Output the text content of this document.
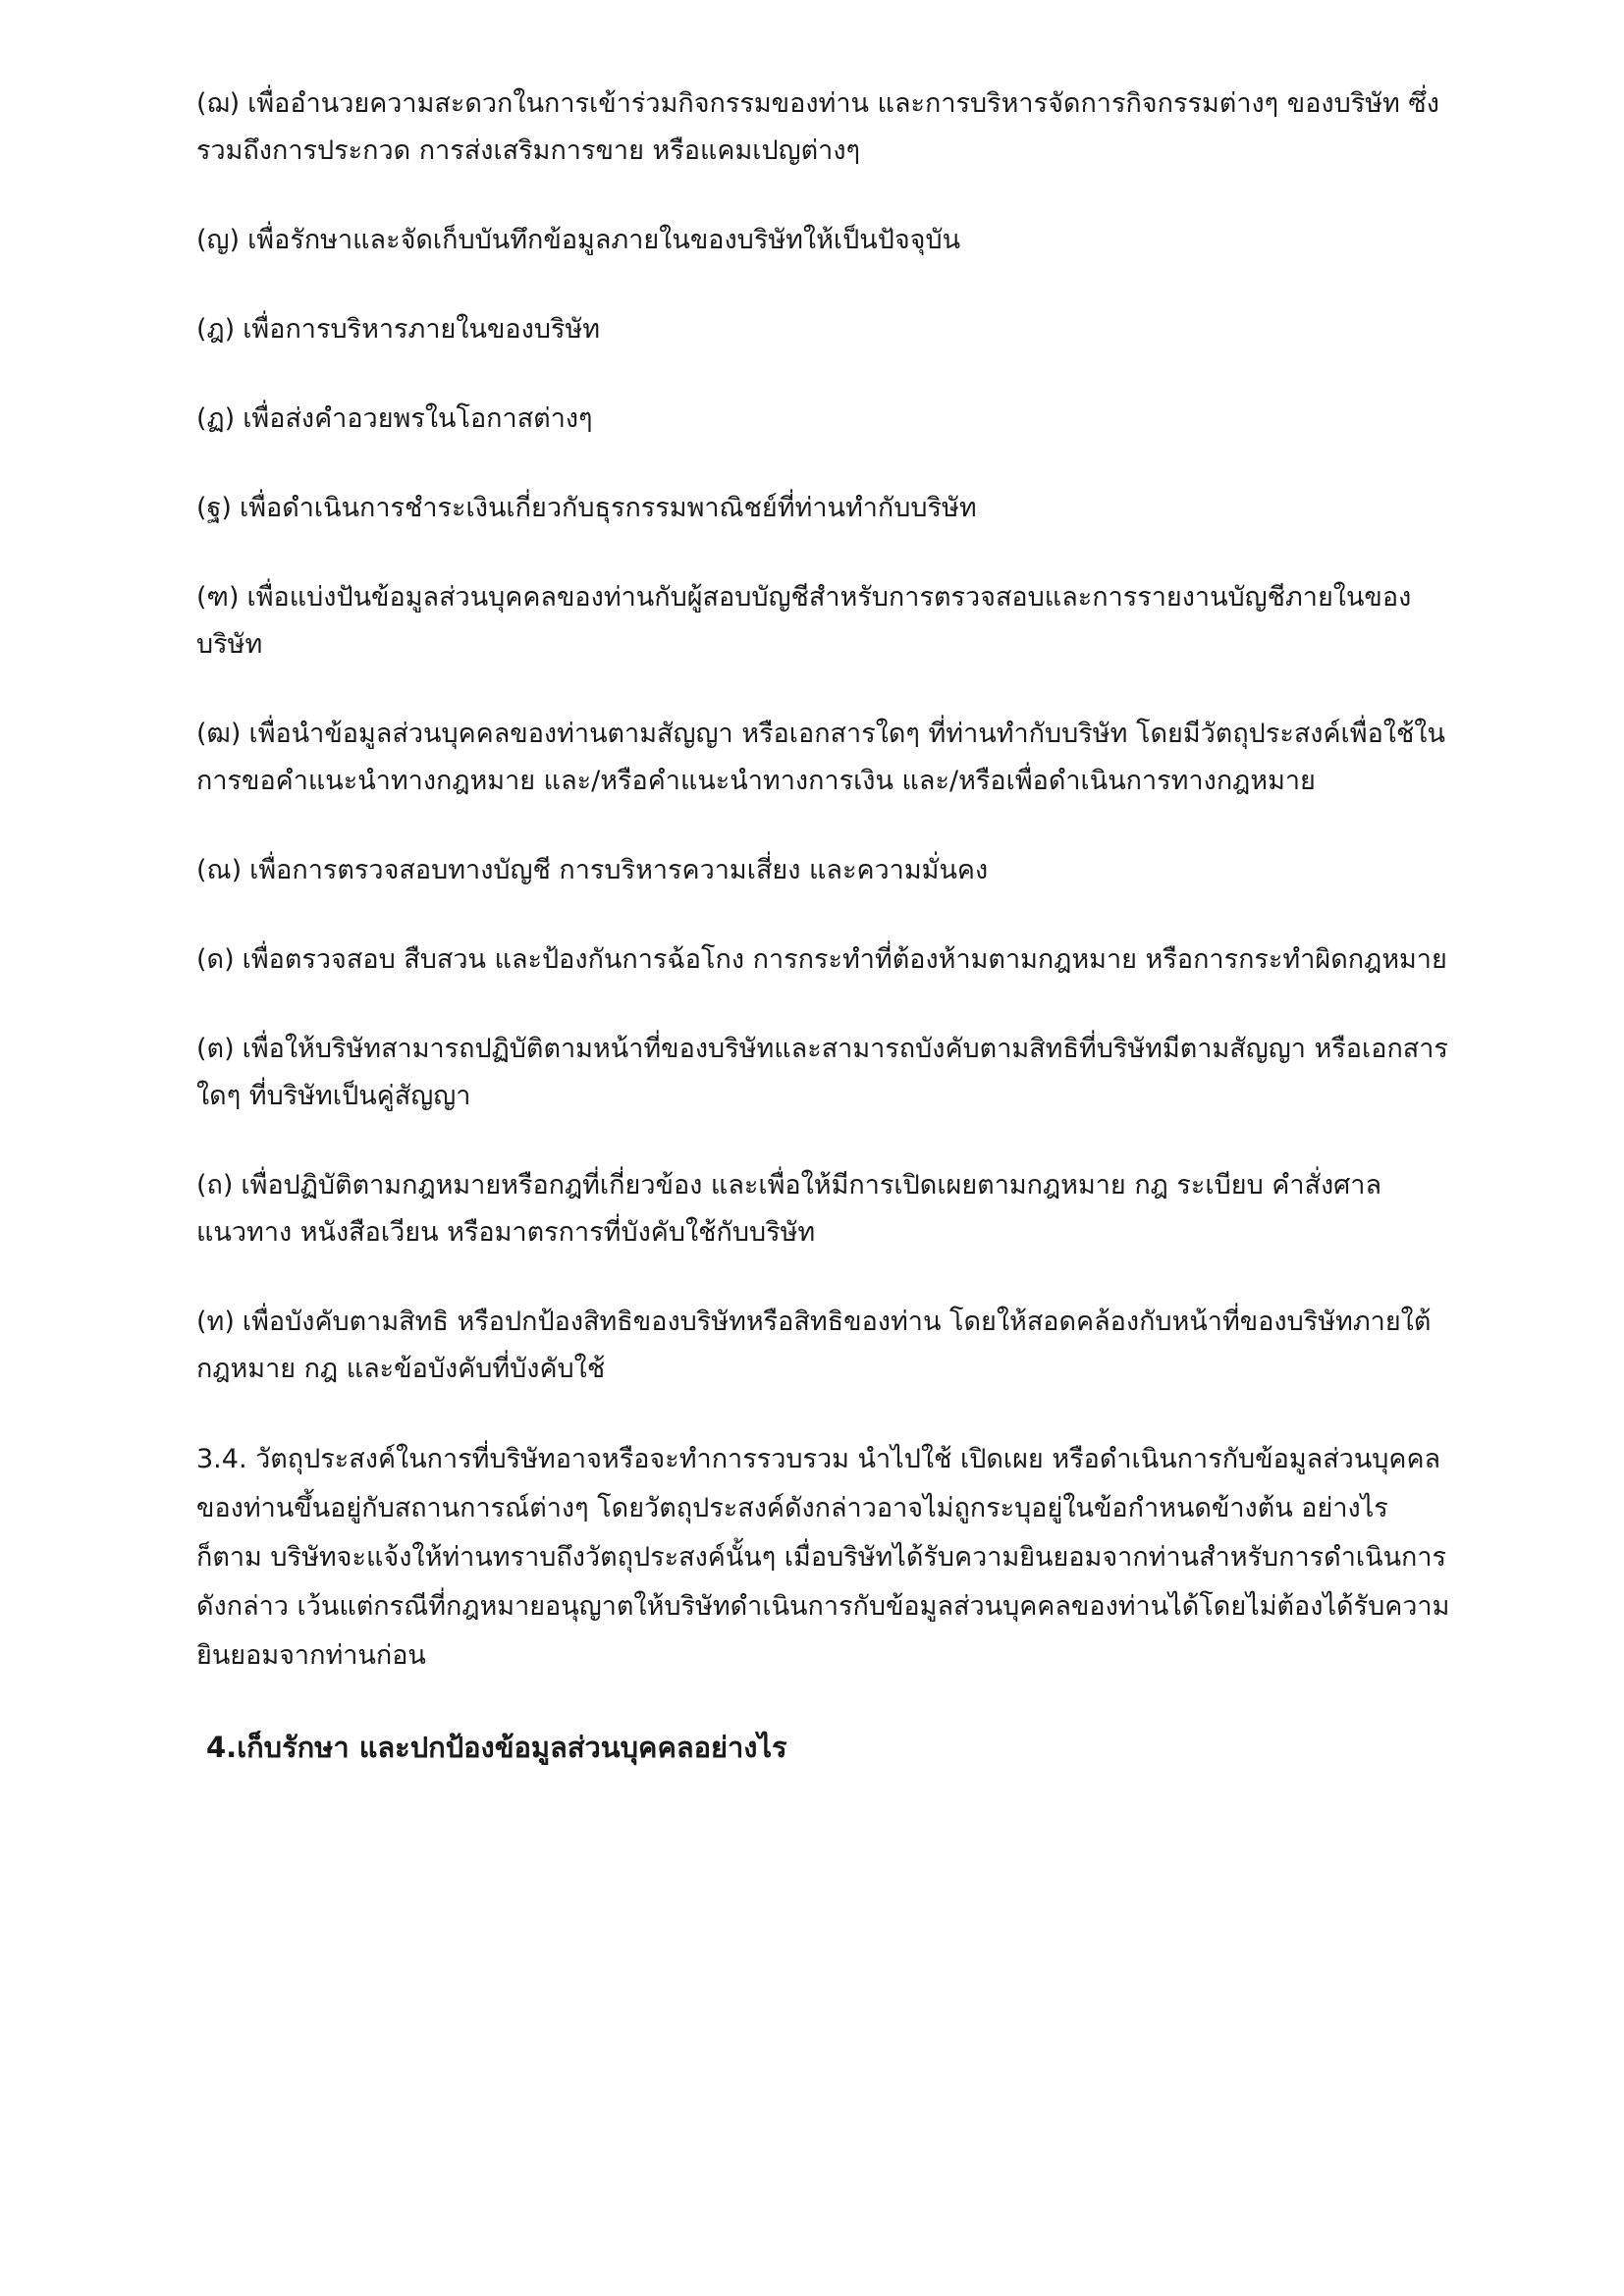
(ฌ) เพื่ออำนวยความสะดวกในการเข้าร่วมกิจกรรมของท่าน และการบริหารจัดการกิจกรรมต่างๆ ของบริษัท ซึ่งรวมถึงการประกวด การส่งเสริมการขาย หรือแคมเปญต่างๆ

(ญ) เพื่อรักษาและจัดเก็บบันทึกข้อมูลภายในของบริษัทให้เป็นปัจจุบัน

(ฎ) เพื่อการบริหารภายในของบริษัท

(ฏ) เพื่อส่งคำอวยพรในโอกาสต่างๆ

(ฐ) เพื่อดำเนินการชำระเงินเกี่ยวกับธุรกรรมพาณิชย์ที่ท่านทำกับบริษัท

(ฑ) เพื่อแบ่งปันข้อมูลส่วนบุคคลของท่านกับผู้สอบบัญชีสำหรับการตรวจสอบและการรายงานบัญชีภายในของบริษัท

(ฒ) เพื่อนำข้อมูลส่วนบุคคลของท่านตามสัญญา หรือเอกสารใดๆ ที่ท่านทำกับบริษัท โดยมีวัตถุประสงค์เพื่อใช้ในการขอคำแนะนำทางกฎหมาย และ/หรือคำแนะนำทางการเงิน และ/หรือเพื่อดำเนินการทางกฎหมาย

(ณ) เพื่อการตรวจสอบทางบัญชี การบริหารความเสี่ยง และความมั่นคง

(ด) เพื่อตรวจสอบ สืบสวน และป้องกันการฉ้อโกง การกระทำที่ต้องห้ามตามกฎหมาย หรือการกระทำผิดกฎหมาย

(ต) เพื่อให้บริษัทสามารถปฏิบัติตามหน้าที่ของบริษัทและสามารถบังคับตามสิทธิที่บริษัทมีตามสัญญา หรือเอกสารใดๆ ที่บริษัทเป็นคู่สัญญา

(ถ) เพื่อปฏิบัติตามกฎหมายหรือกฎที่เกี่ยวข้อง และเพื่อให้มีการเปิดเผยตามกฎหมาย กฎ ระเบียบ คำสั่งศาล แนวทาง หนังสือเวียน หรือมาตรการที่บังคับใช้กับบริษัท

(ท) เพื่อบังคับตามสิทธิ หรือปกป้องสิทธิของบริษัทหรือสิทธิของท่าน โดยให้สอดคล้องกับหน้าที่ของบริษัทภายใต้กฎหมาย กฎ และข้อบังคับที่บังคับใช้

3.4. วัตถุประสงค์ในการที่บริษัทอาจหรือจะทำการรวบรวม นำไปใช้ เปิดเผย หรือดำเนินการกับข้อมูลส่วนบุคคลของท่านขึ้นอยู่กับสถานการณ์ต่างๆ โดยวัตถุประสงค์ดังกล่าวอาจไม่ถูกระบุอยู่ในข้อกำหนดข้างต้น อย่างไรก็ตาม บริษัทจะแจ้งให้ท่านทราบถึงวัตถุประสงค์นั้นๆ เมื่อบริษัทได้รับความยินยอมจากท่านสำหรับการดำเนินการดังกล่าว เว้นแต่กรณีที่กฎหมายอนุญาตให้บริษัทดำเนินการกับข้อมูลส่วนบุคคลของท่านได้โดยไม่ต้องได้รับความยินยอมจากท่านก่อน

4.เก็บรักษา และปกป้องข้อมูลส่วนบุคคลอย่างไร
